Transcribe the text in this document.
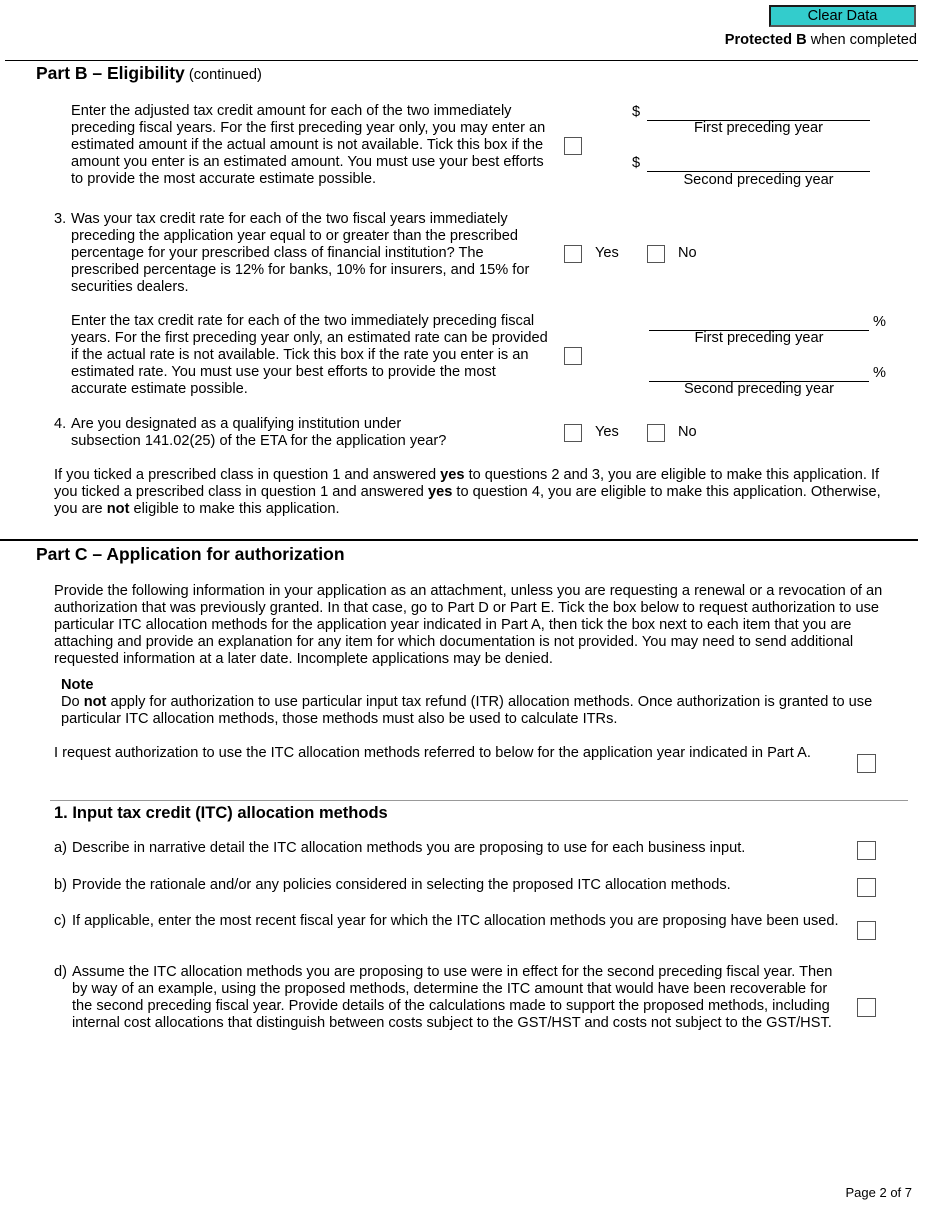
Clear Data
Protected B when completed
Part B – Eligibility (continued)
Enter the adjusted tax credit amount for each of the two immediately preceding fiscal years. For the first preceding year only, you may enter an estimated amount if the actual amount is not available. Tick this box if the amount you enter is an estimated amount. You must use your best efforts to provide the most accurate estimate possible.
$
First preceding year
$
Second preceding year
3. Was your tax credit rate for each of the two fiscal years immediately preceding the application year equal to or greater than the prescribed percentage for your prescribed class of financial institution? The prescribed percentage is 12% for banks, 10% for insurers, and 15% for securities dealers.
Yes	No
Enter the tax credit rate for each of the two immediately preceding fiscal years. For the first preceding year only, an estimated rate can be provided if the actual rate is not available. Tick this box if the rate you enter is an estimated rate. You must use your best efforts to provide the most accurate estimate possible.
%
First preceding year
%
Second preceding year
4. Are you designated as a qualifying institution under
subsection 141.02(25) of the ETA for the application year?
Yes	No
If you ticked a prescribed class in question 1 and answered yes to questions 2 and 3, you are eligible to make this application. If you ticked a prescribed class in question 1 and answered yes to question 4, you are eligible to make this application. Otherwise, you are not eligible to make this application.
Part C – Application for authorization
Provide the following information in your application as an attachment, unless you are requesting a renewal or a revocation of an authorization that was previously granted. In that case, go to Part D or Part E. Tick the box below to request authorization to use particular ITC allocation methods for the application year indicated in Part A, then tick the box next to each item that you are attaching and provide an explanation for any item for which documentation is not provided. You may need to send additional requested information at a later date. Incomplete applications may be denied.
Note
Do not apply for authorization to use particular input tax refund (ITR) allocation methods. Once authorization is granted to use particular ITC allocation methods, those methods must also be used to calculate ITRs.
I request authorization to use the ITC allocation methods referred to below for the application year indicated in Part A.
1. Input tax credit (ITC) allocation methods
a) Describe in narrative detail the ITC allocation methods you are proposing to use for each business input.
b) Provide the rationale and/or any policies considered in selecting the proposed ITC allocation methods.
c) If applicable, enter the most recent fiscal year for which the ITC allocation methods you are proposing have been used.
d) Assume the ITC allocation methods you are proposing to use were in effect for the second preceding fiscal year. Then by way of an example, using the proposed methods, determine the ITC amount that would have been recoverable for the second preceding fiscal year. Provide details of the calculations made to support the proposed methods, including internal cost allocations that distinguish between costs subject to the GST/HST and costs not subject to the GST/HST.
Page 2 of 7
